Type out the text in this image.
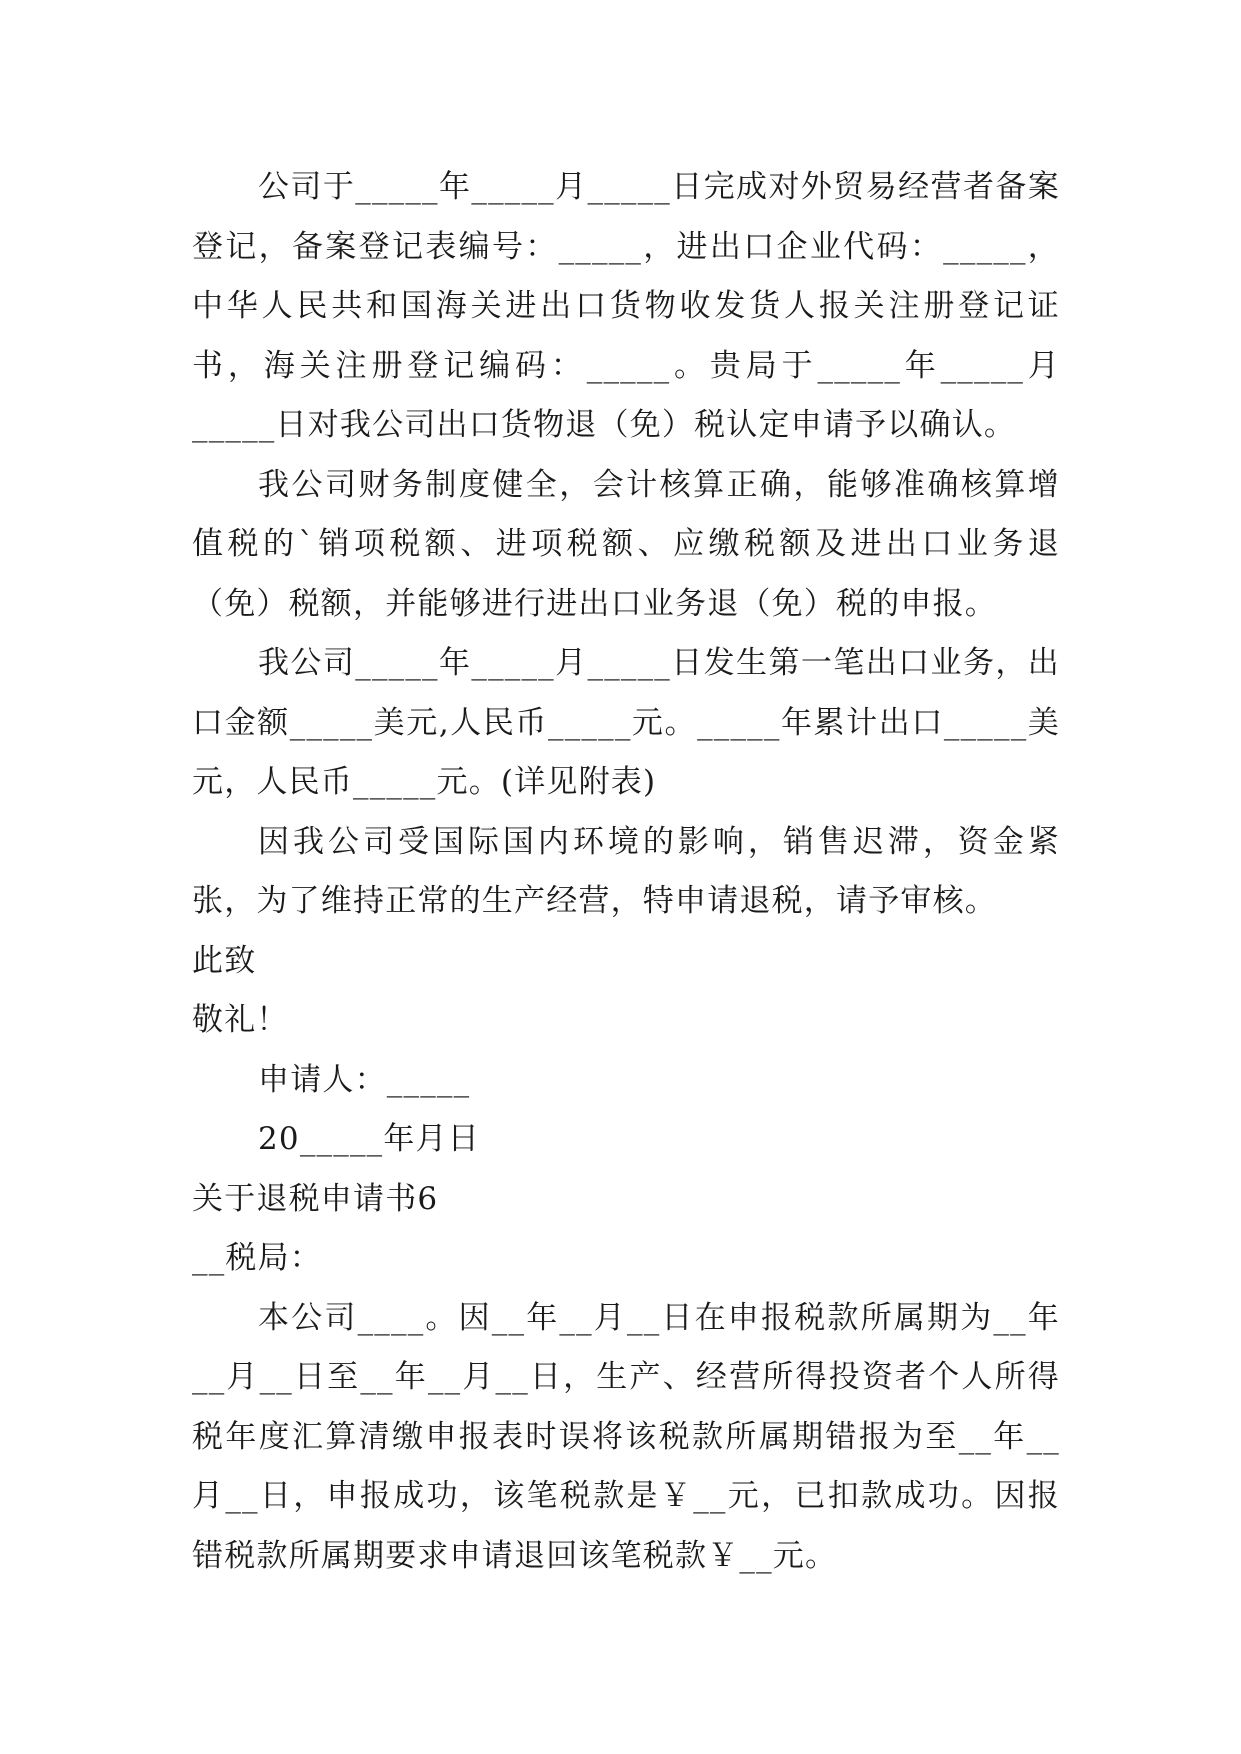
公司于_____年_____月_____日完成对外贸易经营者备案登记，备案登记表编号：_____，进出口企业代码：_____，中华人民共和国海关进出口货物收发货人报关注册登记证书，海关注册登记编码：_____。贵局于_____年_____月_____日对我公司出口货物退（免）税认定申请予以确认。

我公司财务制度健全，会计核算正确，能够准确核算增值税的`销项税额、进项税额、应缴税额及进出口业务退（免）税额，并能够进行进出口业务退（免）税的申报。

我公司_____年_____月_____日发生第一笔出口业务，出口金额_____美元,人民币_____元。_____年累计出口_____美元，人民币_____元。(详见附表)

因我公司受国际国内环境的影响，销售迟滞，资金紧张，为了维持正常的生产经营，特申请退税，请予审核。

此致

敬礼！

申请人：_____

20_____年月日

关于退税申请书6

__税局：

本公司____。因__年__月__日在申报税款所属期为__年__月__日至__年__月__日，生产、经营所得投资者个人所得税年度汇算清缴申报表时误将该税款所属期错报为至__年__月__日，申报成功，该笔税款是￥__元，已扣款成功。因报错税款所属期要求申请退回该笔税款￥__元。
